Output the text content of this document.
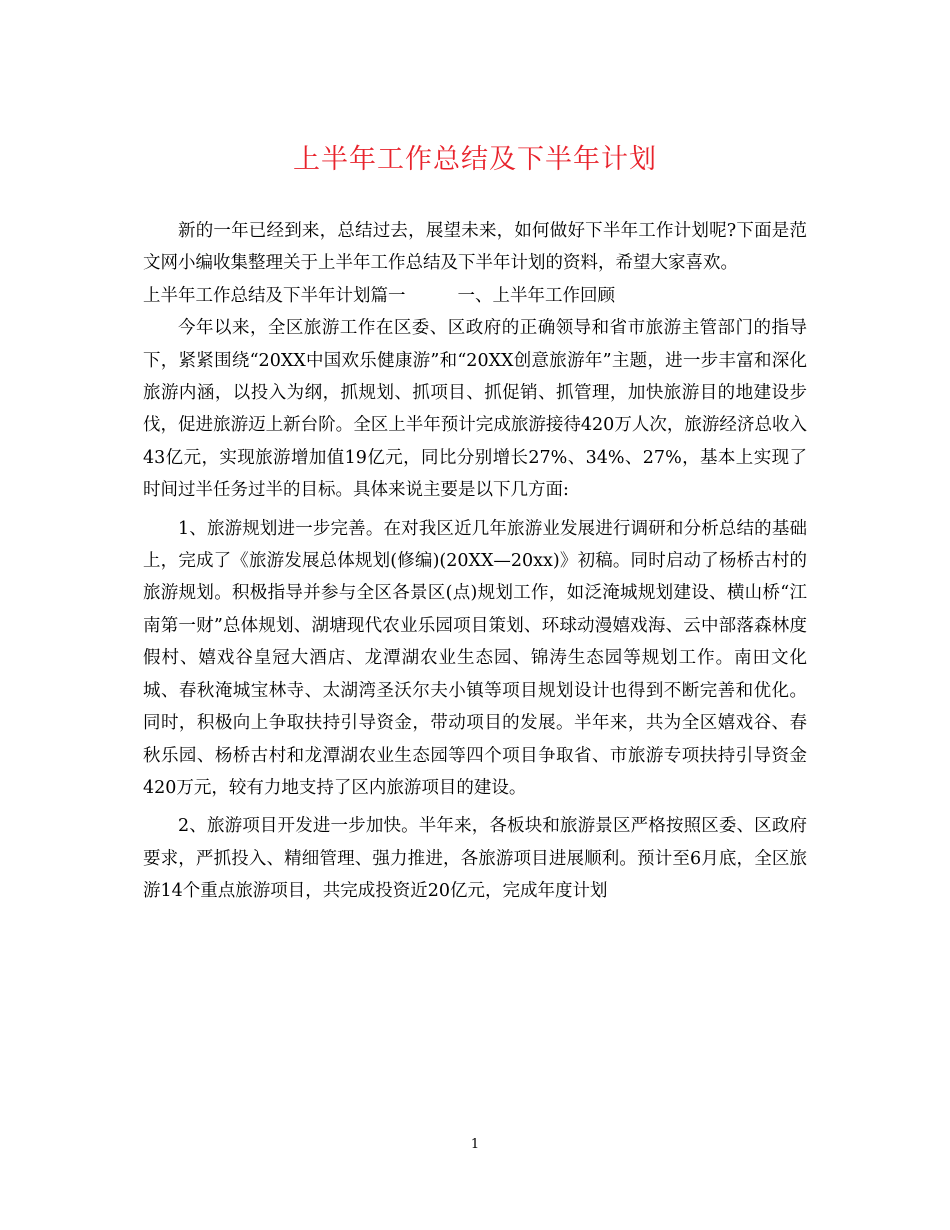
上半年工作总结及下半年计划

新的一年已经到来，总结过去，展望未来，如何做好下半年工作计划呢?下面是范文网小编收集整理关于上半年工作总结及下半年计划的资料，希望大家喜欢。

上半年工作总结及下半年计划篇一	一、上半年工作回顾

今年以来，全区旅游工作在区委、区政府的正确领导和省市旅游主管部门的指导下，紧紧围绕“20XX中国欢乐健康游”和“20XX创意旅游年”主题，进一步丰富和深化旅游内涵，以投入为纲，抓规划、抓项目、抓促销、抓管理，加快旅游目的地建设步伐，促进旅游迈上新台阶。全区上半年预计完成旅游接待420万人次，旅游经济总收入43亿元，实现旅游增加值19亿元，同比分别增长27%、34%、27%，基本上实现了时间过半任务过半的目标。具体来说主要是以下几方面:

1、旅游规划进一步完善。在对我区近几年旅游业发展进行调研和分析总结的基础上，完成了《旅游发展总体规划(修编)(20XX—20xx)》初稿。同时启动了杨桥古村的旅游规划。积极指导并参与全区各景区(点)规划工作，如泛淹城规划建设、横山桥“江南第一财”总体规划、湖塘现代农业乐园项目策划、环球动漫嬉戏海、云中部落森林度假村、嬉戏谷皇冠大酒店、龙潭湖农业生态园、锦涛生态园等规划工作。南田文化城、春秋淹城宝林寺、太湖湾圣沃尔夫小镇等项目规划设计也得到不断完善和优化。同时，积极向上争取扶持引导资金，带动项目的发展。半年来，共为全区嬉戏谷、春秋乐园、杨桥古村和龙潭湖农业生态园等四个项目争取省、市旅游专项扶持引导资金420万元，较有力地支持了区内旅游项目的建设。

2、旅游项目开发进一步加快。半年来，各板块和旅游景区严格按照区委、区政府要求，严抓投入、精细管理、强力推进，各旅游项目进展顺利。预计至6月底，全区旅游14个重点旅游项目，共完成投资近20亿元，完成年度计划

1
